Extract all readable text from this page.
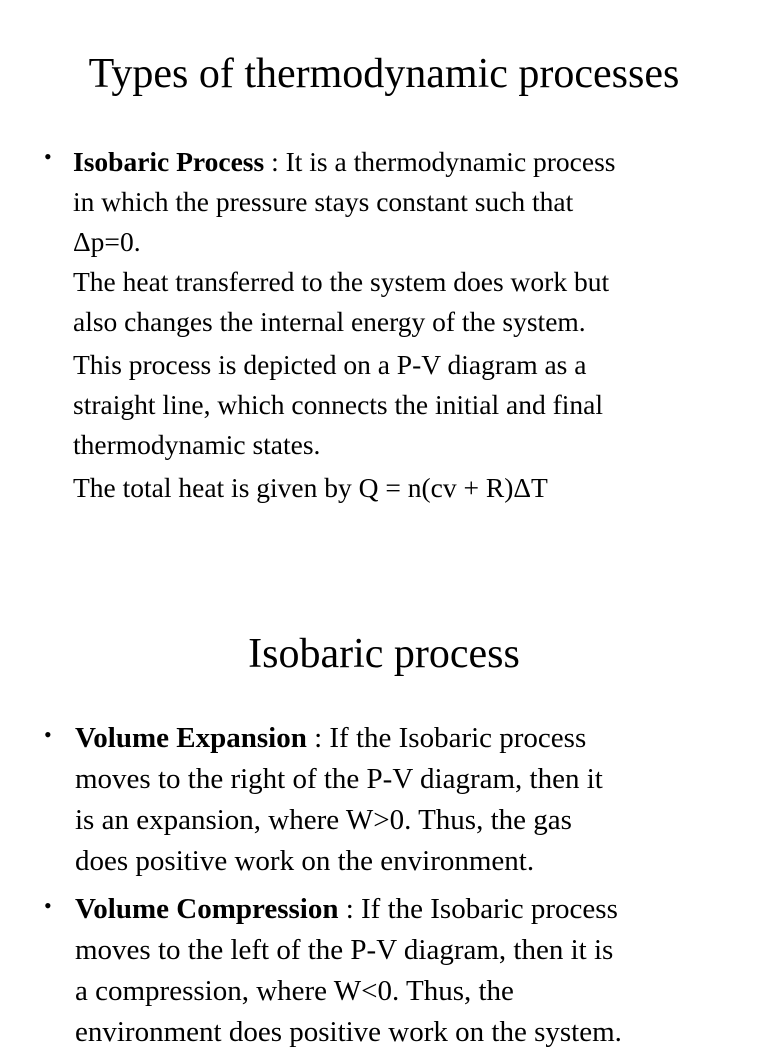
Types of thermodynamic processes
• Isobaric Process : It is a thermodynamic process
in which the pressure stays constant such that
Δp=0.

The heat transferred to the system does work but
also changes the internal energy of the system.

This process is depicted on a P-V diagram as a
straight line, which connects the initial and final
thermodynamic states.

The total heat is given by Q = n(cv + R)ΔT

Isobaric process
• Volume Expansion : If the Isobaric process
moves to the right of the P-V diagram, then it
is an expansion, where W>0. Thus, the gas
does positive work on the environment.

• Volume Compression : If the Isobaric process
moves to the left of the P-V diagram, then it is
a compression, where W<0. Thus, the
environment does positive work on the system.
